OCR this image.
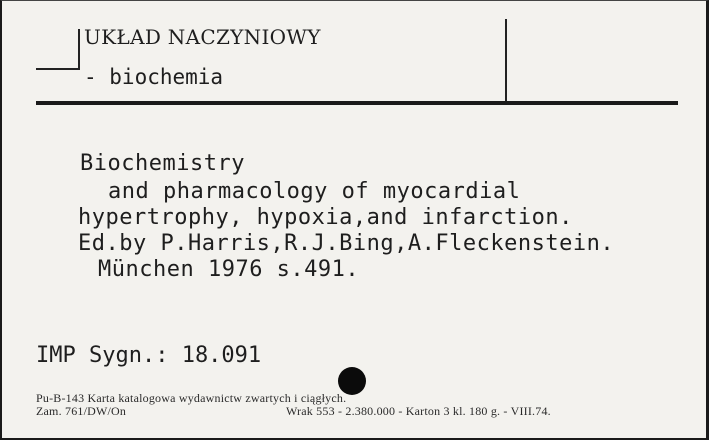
UKŁAD NACZYNIOWY
- biochemia
Biochemistry
and pharmacology of myocardial
hypertrophy, hypoxia,and infarction.
Ed.by P.Harris,R.J.Bing,A.Fleckenstein.
München 1976 s.491.
IMP Sygn.: 18.091
Pu-B-143 Karta katalogowa wydawnictw zwartych i ciągłych.
Zam. 761/DW/On	Wrak 553 - 2.380.000 - Karton 3 kl. 180 g. - VIII.74.
